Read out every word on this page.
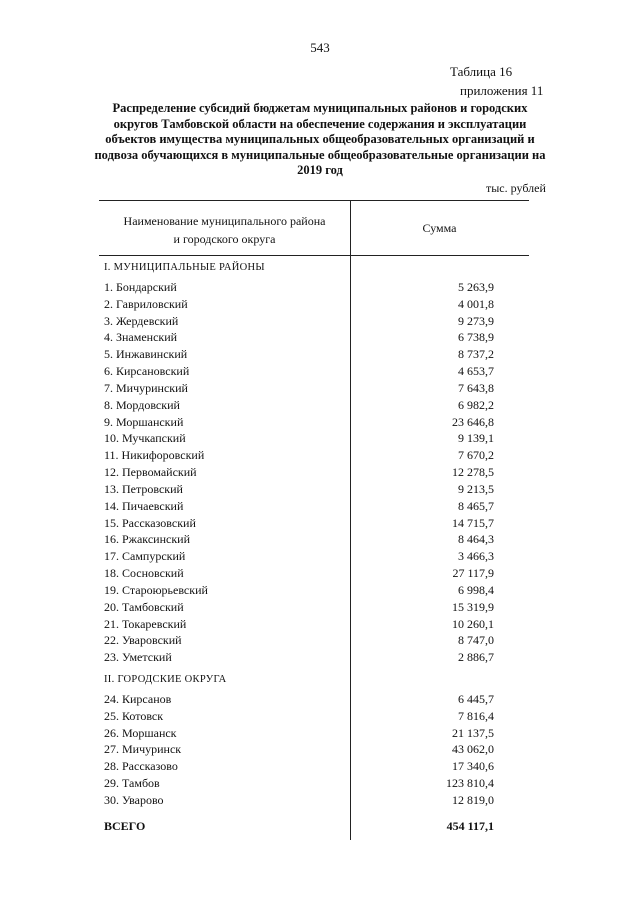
543
Таблица 16
приложения 11
Распределение субсидий бюджетам муниципальных районов и городских
округов Тамбовской области на обеспечение содержания и эксплуатации
объектов имущества муниципальных общеобразовательных организаций и
подвоза обучающихся в муниципальные общеобразовательные организации на
2019 год
тыс. рублей
Наименование муниципального района
и городского округа
Сумма
I. МУНИЦИПАЛЬНЫЕ РАЙОНЫ
II. ГОРОДСКИЕ ОКРУГА
1. Бондарский	5 263,9
2. Гавриловский	4 001,8
3. Жердевский	9 273,9
4. Знаменский	6 738,9
5. Инжавинский	8 737,2
6. Кирсановский	4 653,7
7. Мичуринский	7 643,8
8. Мордовский	6 982,2
9. Моршанский	23 646,8
10. Мучкапский	9 139,1
11. Никифоровский	7 670,2
12. Первомайский	12 278,5
13. Петровский	9 213,5
14. Пичаевский	8 465,7
15. Рассказовский	14 715,7
16. Ржаксинский	8 464,3
17. Сампурский	3 466,3
18. Сосновский	27 117,9
19. Староюрьевский	6 998,4
20. Тамбовский	15 319,9
21. Токаревский	10 260,1
22. Уваровский	8 747,0
23. Уметский	2 886,7
24. Кирсанов	6 445,7
25. Котовск	7 816,4
26. Моршанск	21 137,5
27. Мичуринск	43 062,0
28. Рассказово	17 340,6
29. Тамбов	123 810,4
30. Уварово	12 819,0
ВСЕГО	454 117,1
